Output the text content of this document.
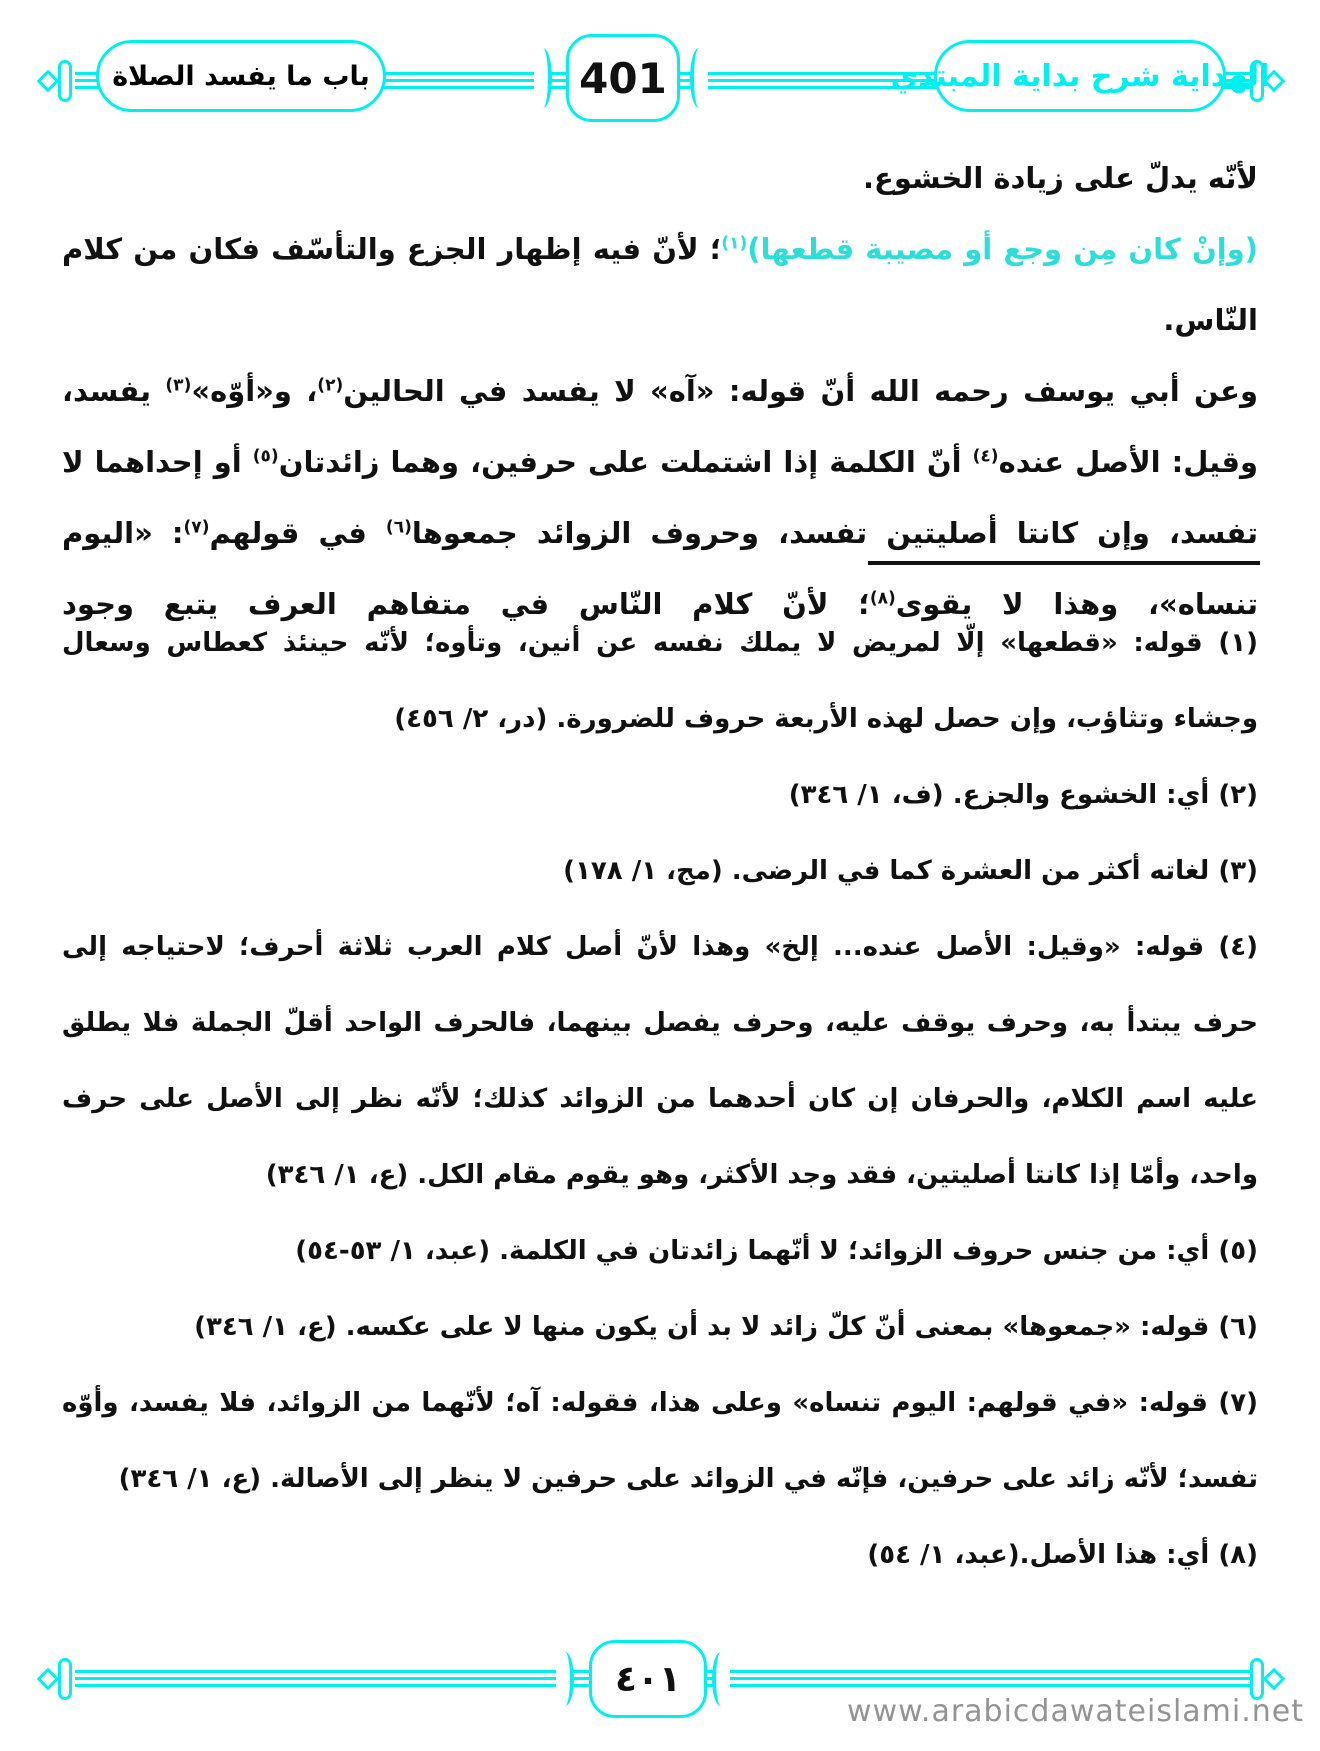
باب ما يفسد الصلاة	401	الهداية شرح بداية المبتدي

لأنّه يدلّ على زيادة الخشوع.

(وإنْ كان مِن وجع أو مصيبة قطعها)$^{(١)}$؛ لأنّ فيه إظهار الجزع والتأسّف فكان من كلام النّاس.

وعن أبي يوسف رحمه الله أنّ قوله: «آه» لا يفسد في الحالين$^{(٢)}$، و«أوّه»$^{(٣)}$ يفسد، وقيل: الأصل عنده$^{(٤)}$ أنّ الكلمة إذا اشتملت على حرفين، وهما زائدتان$^{(٥)}$ أو إحداهما لا تفسد، وإن كانتا أصليتين تفسد، وحروف الزوائد جمعوها$^{(٦)}$ في قولهم$^{(٧)}$: «اليوم تنساه»، وهذا لا يقوى$^{(٨)}$؛ لأنّ كلام النّاس في متفاهم العرف يتبع وجود

(١) قوله: «قطعها» إلّا لمريض لا يملك نفسه عن أنين، وتأوه؛ لأنّه حينئذ كعطاس وسعال وجشاء وتثاؤب، وإن حصل لهذه الأربعة حروف للضرورة. (در، ٢/ ٤٥٦)
(٢) أي: الخشوع والجزع. (ف، ١/ ٣٤٦)
(٣) لغاته أكثر من العشرة كما في الرضى. (مج، ١/ ١٧٨)
(٤) قوله: «وقيل: الأصل عنده... إلخ» وهذا لأنّ أصل كلام العرب ثلاثة أحرف؛ لاحتياجه إلى حرف يبتدأ به، وحرف يوقف عليه، وحرف يفصل بينهما، فالحرف الواحد أقلّ الجملة فلا يطلق عليه اسم الكلام، والحرفان إن كان أحدهما من الزوائد كذلك؛ لأنّه نظر إلى الأصل على حرف واحد، وأمّا إذا كانتا أصليتين، فقد وجد الأكثر، وهو يقوم مقام الكل. (ع، ١/ ٣٤٦)
(٥) أي: من جنس حروف الزوائد؛ لا أنّهما زائدتان في الكلمة. (عبد، ١/ ٥٣-٥٤)
(٦) قوله: «جمعوها» بمعنى أنّ كلّ زائد لا بد أن يكون منها لا على عكسه. (ع، ١/ ٣٤٦)
(٧) قوله: «في قولهم: اليوم تنساه» وعلى هذا، فقوله: آه؛ لأنّهما من الزوائد، فلا يفسد، وأوّه تفسد؛ لأنّه زائد على حرفين، فإنّه في الزوائد على حرفين لا ينظر إلى الأصالة. (ع، ١/ ٣٤٦)
(٨) أي: هذا الأصل.(عبد، ١/ ٥٤)
٤٠١
www.arabicdawateislami.net
